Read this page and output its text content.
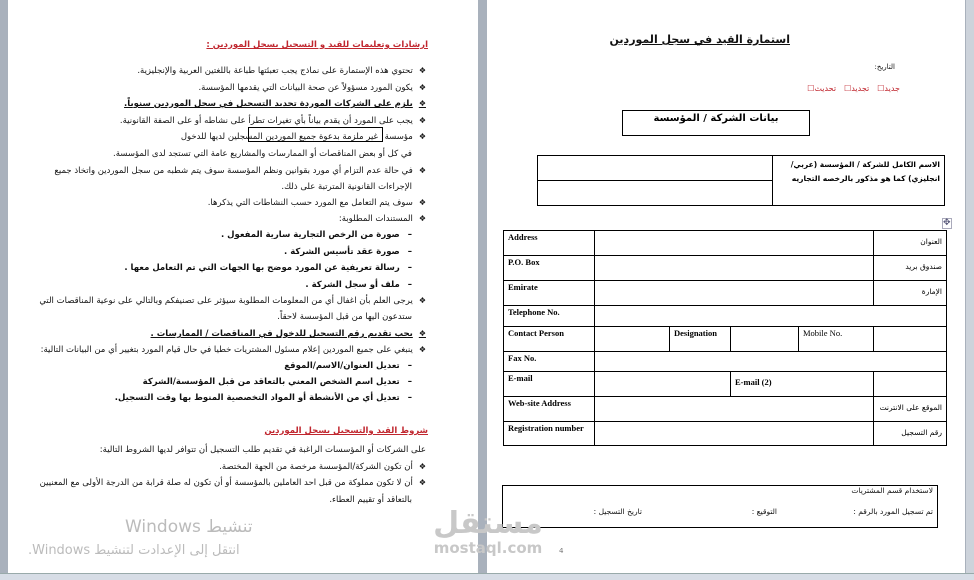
ارشادات وتعليمات للقيد و التسجيل بسجل الموردين :
❖ تحتوي هذه الإستمارة على نماذج يجب تعبئتها طباعة باللغتين العربية والإنجليزية.
❖ يكون المورد مسؤولاً عن صحة البيانات التي يقدمها المؤسسة.
❖ يلزم على الشركات الموردة تجديد التسجيل في سجل الموردين سنوياً.
❖ يجب على المورد أن يقدم بياناً بأي تغيرات تطرأ على نشاطه أو على الصفة القانونية.
❖ مؤسسة
غير ملزمة بدعوة جميع الموردين المسجلين لديها للدخول
في كل أو بعض المناقصات أو الممارسات والمشاريع عامة التي تستجد لدى المؤسسة.
❖ في حالة عدم التزام أي مورد بقوانين ونظم المؤسسة سوف يتم شطبه من سجل الموردين واتخاذ جميع
الإجراءات القانونية المترتبة على ذلك.
❖ سوف يتم التعامل مع المورد حسب النشاطات التي يذكرها.
❖ المستندات المطلوبة:
– صورة من الرخص التجارية سارية المفعول .
– صورة عقد تأسيس الشركة .
– رسالة تعريفية عن المورد موضح بها الجهات التي تم التعامل معها .
– ملف أو سجل الشركة .
❖ يرجى العلم بأن اغفال أي من المعلومات المطلوبة سيؤثر على تصنيفكم وبالتالي على نوعية المناقصات التي
ستدعون اليها من قبل المؤسسة لاحقاً.
❖ يجب تقديم رقم التسجيل للدخول في المناقصات / الممارسات .
❖ ينبغي على جميع الموردين إعلام مسئول المشتريات خطيا في حال قيام المورد بتغيير أي من البيانات التالية:
– تعديل العنوان/الاسم/الموقع
– تعديل اسم الشخص المعني بالتعاقد من قبل المؤسسة/الشركة
– تعديل أي من الأنشطة أو المواد التخصصية المنوط بها وقت التسجيل.
شروط القيد والتسجيل بسجل الموردين
على الشركات أو المؤسسات الراغبة في تقديم طلب التسجيل أن تتوافر لديها الشروط التالية:
❖ أن تكون الشركة/المؤسسة مرخصة من الجهة المختصة.
❖ أن لا تكون مملوكة من قبل احد العاملين بالمؤسسة أو أن تكون له صلة قرابة من الدرجة الأولى مع المعنيين
بالتعاقد أو تقييم العطاء.
استمارة القيد في سجل الموردين
التاريخ:
جديد☐
تجديد☐
تحديث☐
بيانات الشركة / المؤسسة
الاسم الكامل للشركة / المؤسسة (عربي/ انجليزي) كما هو مذكور بالرخصه التجاريه
✥
Address	العنوان
P.O. Box	صندوق بريد
Emirate	الإمارة
Telephone No.
Contact Person	Designation	Mobile No.
Fax No.
E-mail	E-mail (2)
Web-site Address	الموقع على الانترنت
Registration number	رقم التسجيل
لاستخدام قسم المشتريات
تم تسجيل المورد بالرقم :
التوقيع :
تاريخ التسجيل :
4
تنشيط Windows
انتقل إلى الإعدادت لتنشيط Windows.
مستقل
mostaql.com
